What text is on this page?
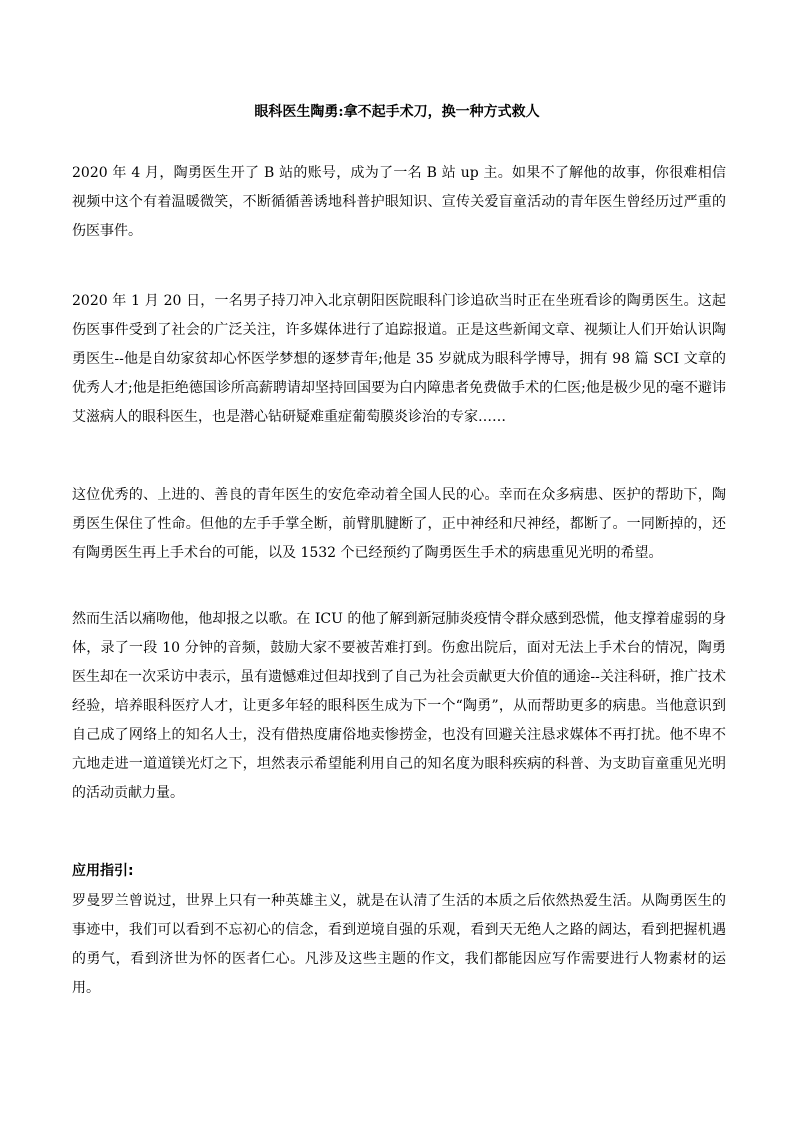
眼科医生陶勇:拿不起手术刀，换一种方式救人

2020 年 4 月，陶勇医生开了 B 站的账号，成为了一名 B 站 up 主。如果不了解他的故事，你很难相信视频中这个有着温暖微笑，不断循循善诱地科普护眼知识、宣传关爱盲童活动的青年医生曾经历过严重的伤医事件。

2020 年 1 月 20 日，一名男子持刀冲入北京朝阳医院眼科门诊追砍当时正在坐班看诊的陶勇医生。这起伤医事件受到了社会的广泛关注，许多媒体进行了追踪报道。正是这些新闻文章、视频让人们开始认识陶勇医生--他是自幼家贫却心怀医学梦想的逐梦青年;他是 35 岁就成为眼科学博导，拥有 98 篇 SCI 文章的优秀人才;他是拒绝德国诊所高薪聘请却坚持回国要为白内障患者免费做手术的仁医;他是极少见的毫不避讳艾滋病人的眼科医生，也是潜心钻研疑难重症葡萄膜炎诊治的专家……

这位优秀的、上进的、善良的青年医生的安危牵动着全国人民的心。幸而在众多病患、医护的帮助下，陶勇医生保住了性命。但他的左手手掌全断，前臂肌腱断了，正中神经和尺神经，都断了。一同断掉的，还有陶勇医生再上手术台的可能，以及 1532 个已经预约了陶勇医生手术的病患重见光明的希望。

然而生活以痛吻他，他却报之以歌。在 ICU 的他了解到新冠肺炎疫情令群众感到恐慌，他支撑着虚弱的身体，录了一段 10 分钟的音频，鼓励大家不要被苦难打到。伤愈出院后，面对无法上手术台的情况，陶勇医生却在一次采访中表示，虽有遗憾难过但却找到了自己为社会贡献更大价值的通途--关注科研，推广技术经验，培养眼科医疗人才，让更多年轻的眼科医生成为下一个“陶勇”，从而帮助更多的病患。当他意识到自己成了网络上的知名人士，没有借热度庸俗地卖惨捞金，也没有回避关注恳求媒体不再打扰。他不卑不亢地走进一道道镁光灯之下，坦然表示希望能利用自己的知名度为眼科疾病的科普、为支助盲童重见光明的活动贡献力量。

应用指引:

罗曼罗兰曾说过，世界上只有一种英雄主义，就是在认清了生活的本质之后依然热爱生活。从陶勇医生的事迹中，我们可以看到不忘初心的信念，看到逆境自强的乐观，看到天无绝人之路的阔达，看到把握机遇的勇气，看到济世为怀的医者仁心。凡涉及这些主题的作文，我们都能因应写作需要进行人物素材的运用。
